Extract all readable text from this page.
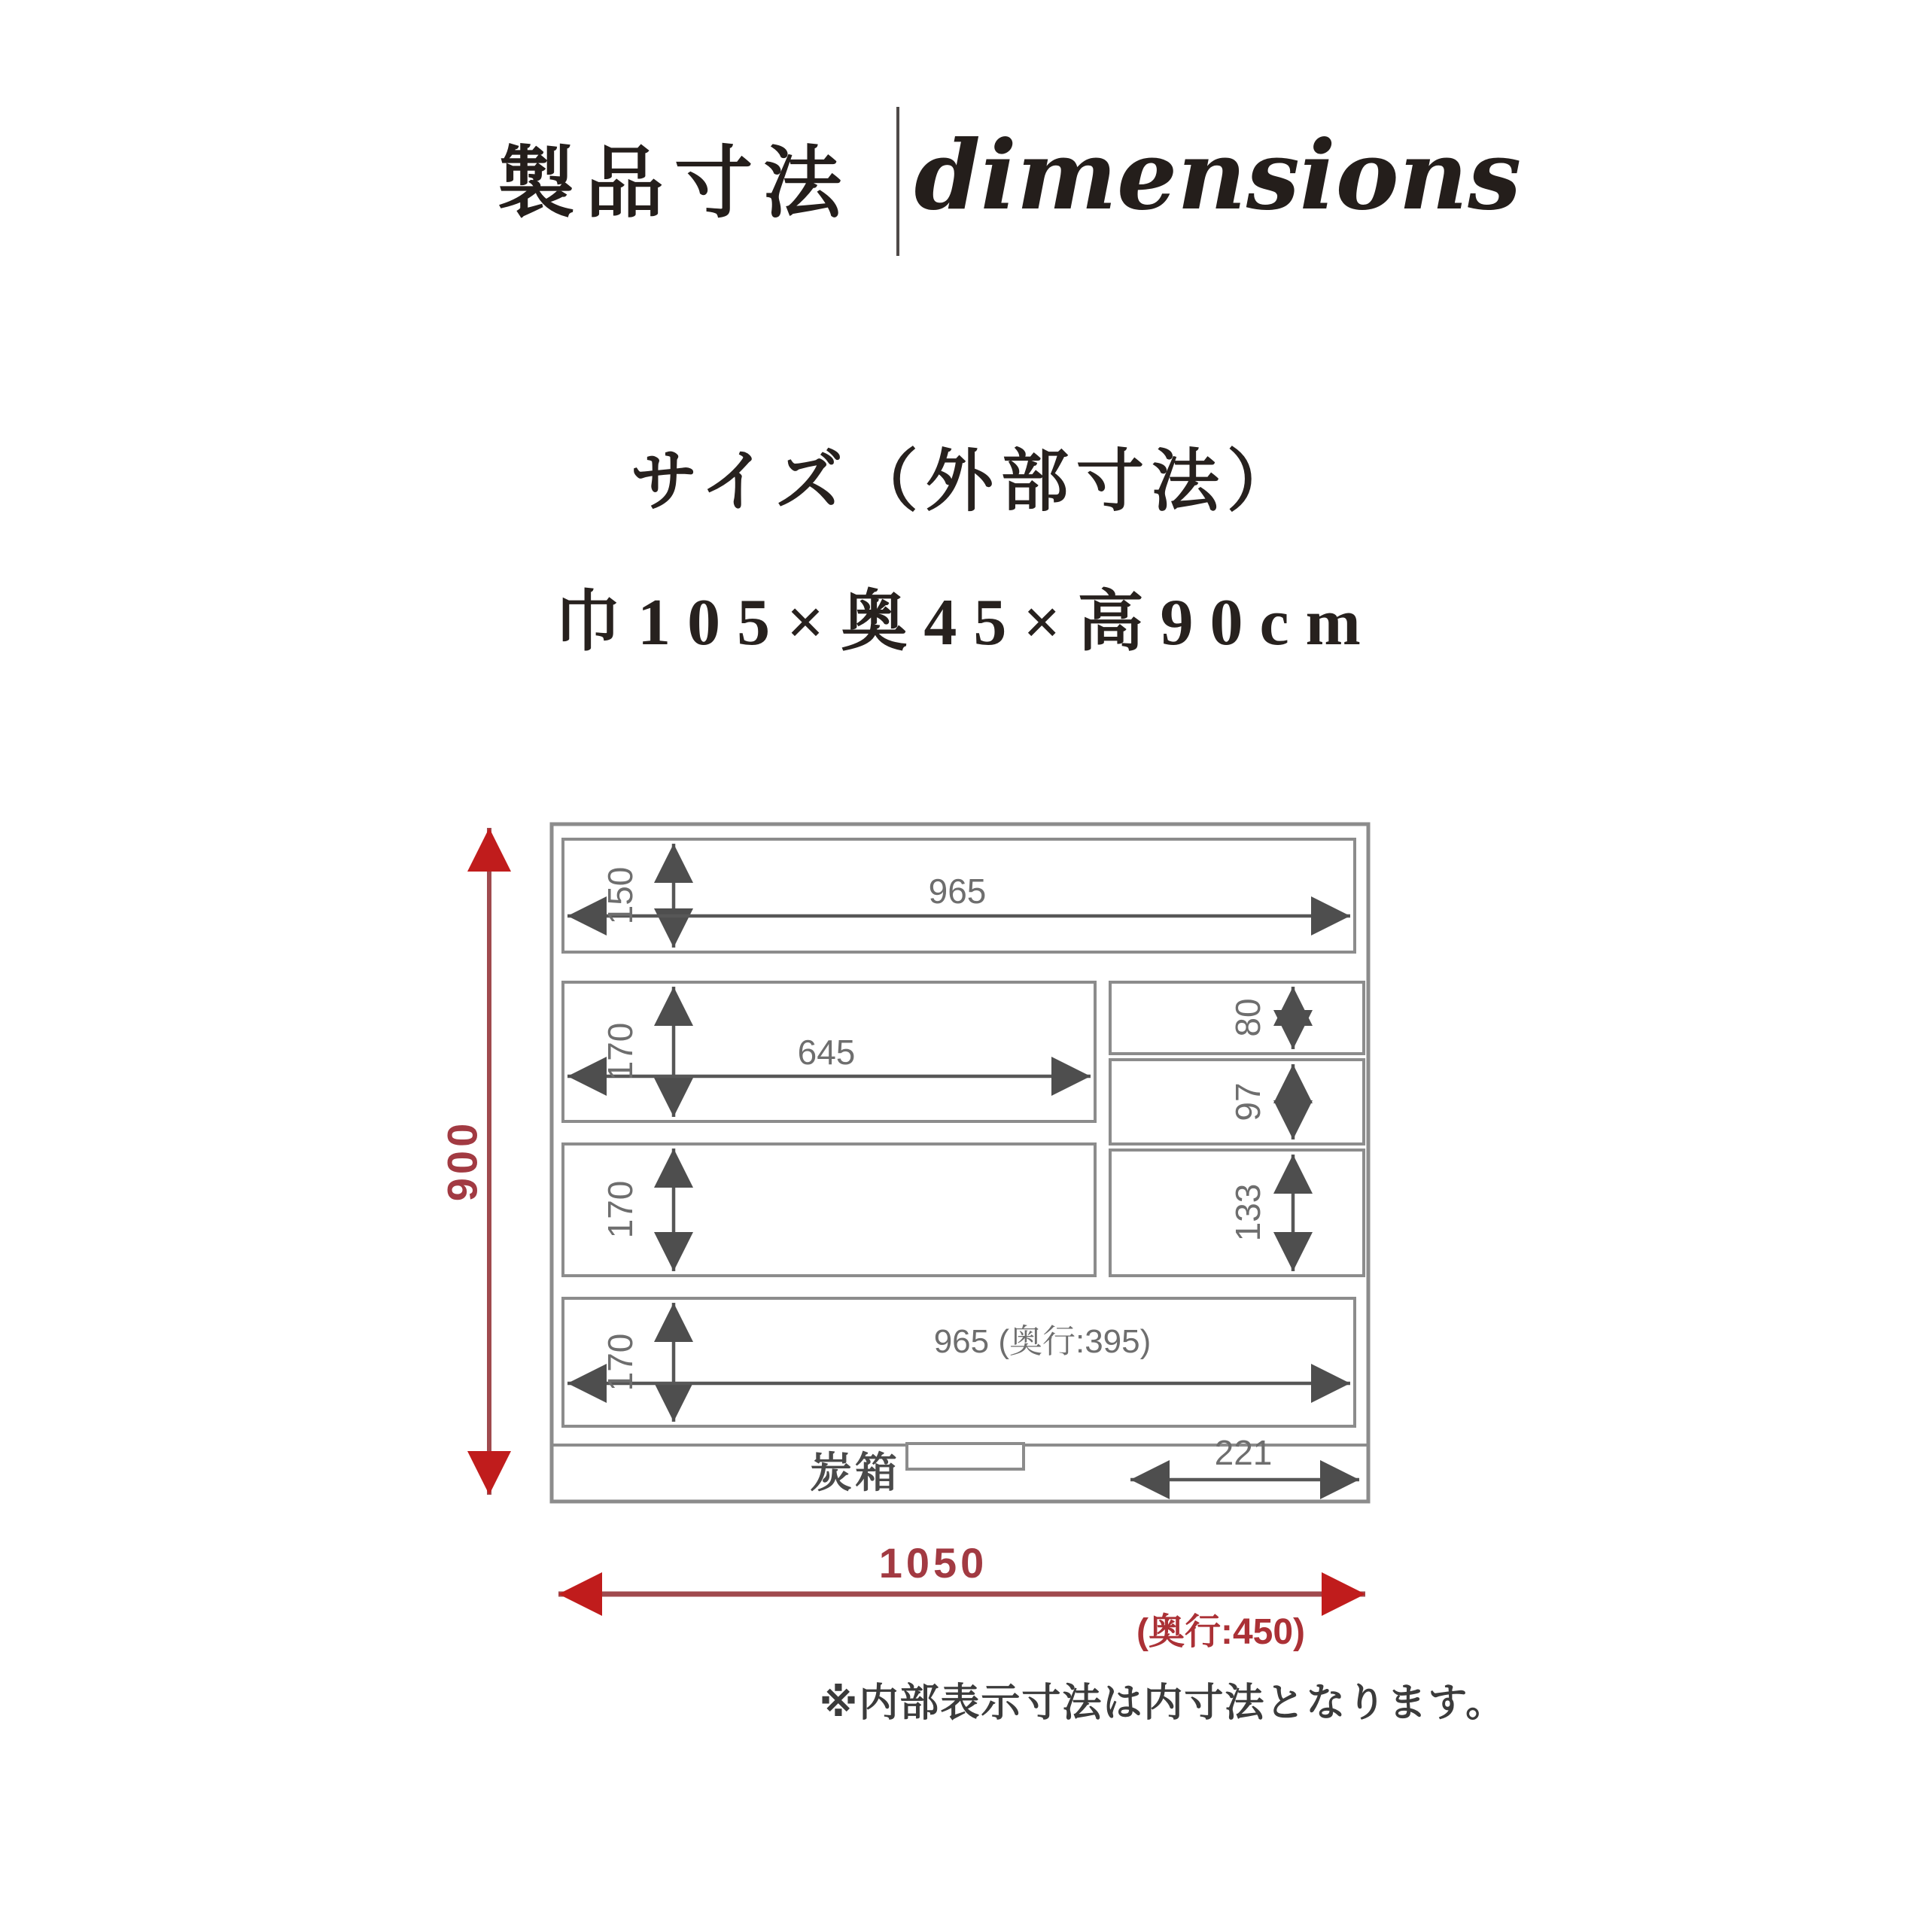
製品寸法 dimensions
サイズ（外部寸法）
巾105×奥45×高90cm
150	965
170	645
170
170	965 (奥行:395)
80
97
133
221
炭箱
900
1050
(奥行:450)
※内部表示寸法は内寸法となります。
